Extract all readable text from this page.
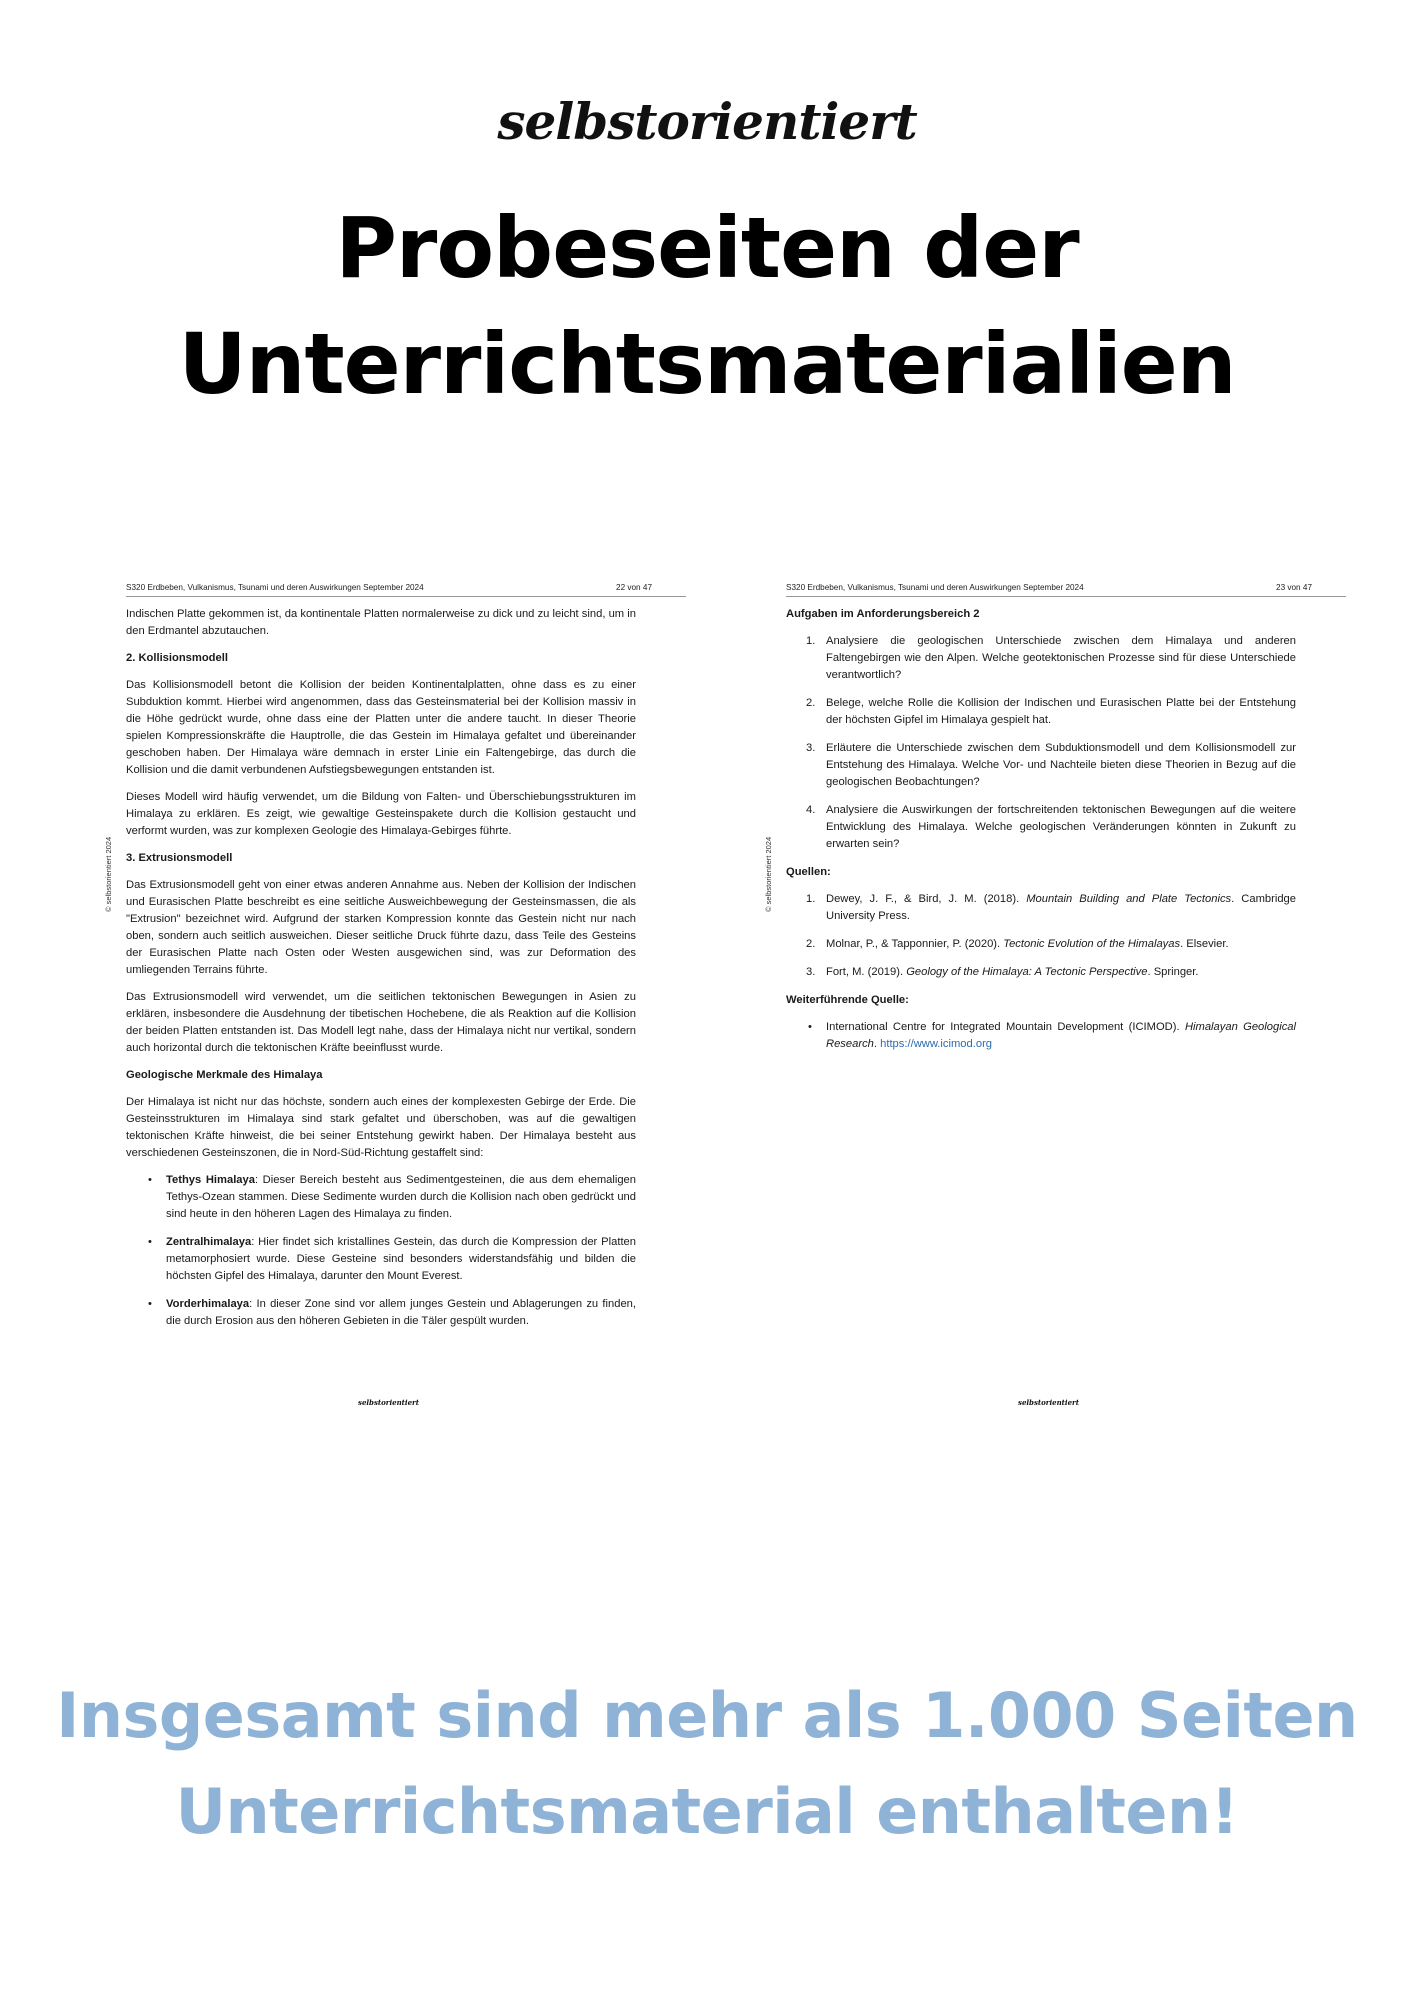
selbstorientiert
Probeseiten der
Unterrichtsmaterialien
S320 Erdbeben, Vulkanismus, Tsunami und deren Auswirkungen September 2024	22 von 47
© selbstorientiert 2024

Indischen Platte gekommen ist, da kontinentale Platten normalerweise zu dick und zu leicht sind, um in den Erdmantel abzutauchen.

2. Kollisionsmodell

Das Kollisionsmodell betont die Kollision der beiden Kontinentalplatten, ohne dass es zu einer Subduktion kommt. Hierbei wird angenommen, dass das Gesteinsmaterial bei der Kollision massiv in die Höhe gedrückt wurde, ohne dass eine der Platten unter die andere taucht. In dieser Theorie spielen Kompressionskräfte die Hauptrolle, die das Gestein im Himalaya gefaltet und übereinander geschoben haben. Der Himalaya wäre demnach in erster Linie ein Faltengebirge, das durch die Kollision und die damit verbundenen Aufstiegsbewegungen entstanden ist.

Dieses Modell wird häufig verwendet, um die Bildung von Falten- und Überschiebungsstrukturen im Himalaya zu erklären. Es zeigt, wie gewaltige Gesteinspakete durch die Kollision gestaucht und verformt wurden, was zur komplexen Geologie des Himalaya-Gebirges führte.

3. Extrusionsmodell

Das Extrusionsmodell geht von einer etwas anderen Annahme aus. Neben der Kollision der Indischen und Eurasischen Platte beschreibt es eine seitliche Ausweichbewegung der Gesteinsmassen, die als "Extrusion" bezeichnet wird. Aufgrund der starken Kompression konnte das Gestein nicht nur nach oben, sondern auch seitlich ausweichen. Dieser seitliche Druck führte dazu, dass Teile des Gesteins der Eurasischen Platte nach Osten oder Westen ausgewichen sind, was zur Deformation des umliegenden Terrains führte.

Das Extrusionsmodell wird verwendet, um die seitlichen tektonischen Bewegungen in Asien zu erklären, insbesondere die Ausdehnung der tibetischen Hochebene, die als Reaktion auf die Kollision der beiden Platten entstanden ist. Das Modell legt nahe, dass der Himalaya nicht nur vertikal, sondern auch horizontal durch die tektonischen Kräfte beeinflusst wurde.

Geologische Merkmale des Himalaya

Der Himalaya ist nicht nur das höchste, sondern auch eines der komplexesten Gebirge der Erde. Die Gesteinsstrukturen im Himalaya sind stark gefaltet und überschoben, was auf die gewaltigen tektonischen Kräfte hinweist, die bei seiner Entstehung gewirkt haben. Der Himalaya besteht aus verschiedenen Gesteinszonen, die in Nord-Süd-Richtung gestaffelt sind:

• Tethys Himalaya: Dieser Bereich besteht aus Sedimentgesteinen, die aus dem ehemaligen Tethys-Ozean stammen. Diese Sedimente wurden durch die Kollision nach oben gedrückt und sind heute in den höheren Lagen des Himalaya zu finden.
• Zentralhimalaya: Hier findet sich kristallines Gestein, das durch die Kompression der Platten metamorphosiert wurde. Diese Gesteine sind besonders widerstandsfähig und bilden die höchsten Gipfel des Himalaya, darunter den Mount Everest.
• Vorderhimalaya: In dieser Zone sind vor allem junges Gestein und Ablagerungen zu finden, die durch Erosion aus den höheren Gebieten in die Täler gespült wurden.
selbstorientiert
S320 Erdbeben, Vulkanismus, Tsunami und deren Auswirkungen September 2024	23 von 47
© selbstorientiert 2024
Aufgaben im Anforderungsbereich 2
1. Analysiere die geologischen Unterschiede zwischen dem Himalaya und anderen Faltengebirgen wie den Alpen. Welche geotektonischen Prozesse sind für diese Unterschiede verantwortlich?
2. Belege, welche Rolle die Kollision der Indischen und Eurasischen Platte bei der Entstehung der höchsten Gipfel im Himalaya gespielt hat.
3. Erläutere die Unterschiede zwischen dem Subduktionsmodell und dem Kollisionsmodell zur Entstehung des Himalaya. Welche Vor- und Nachteile bieten diese Theorien in Bezug auf die geologischen Beobachtungen?
4. Analysiere die Auswirkungen der fortschreitenden tektonischen Bewegungen auf die weitere Entwicklung des Himalaya. Welche geologischen Veränderungen könnten in Zukunft zu erwarten sein?
Quellen:
1. Dewey, J. F., & Bird, J. M. (2018). Mountain Building and Plate Tectonics. Cambridge University Press.
2. Molnar, P., & Tapponnier, P. (2020). Tectonic Evolution of the Himalayas. Elsevier.
3. Fort, M. (2019). Geology of the Himalaya: A Tectonic Perspective. Springer.
Weiterführende Quelle:
• International Centre for Integrated Mountain Development (ICIMOD). Himalayan Geological Research. https://www.icimod.org
selbstorientiert
Insgesamt sind mehr als 1.000 Seiten
Unterrichtsmaterial enthalten!
